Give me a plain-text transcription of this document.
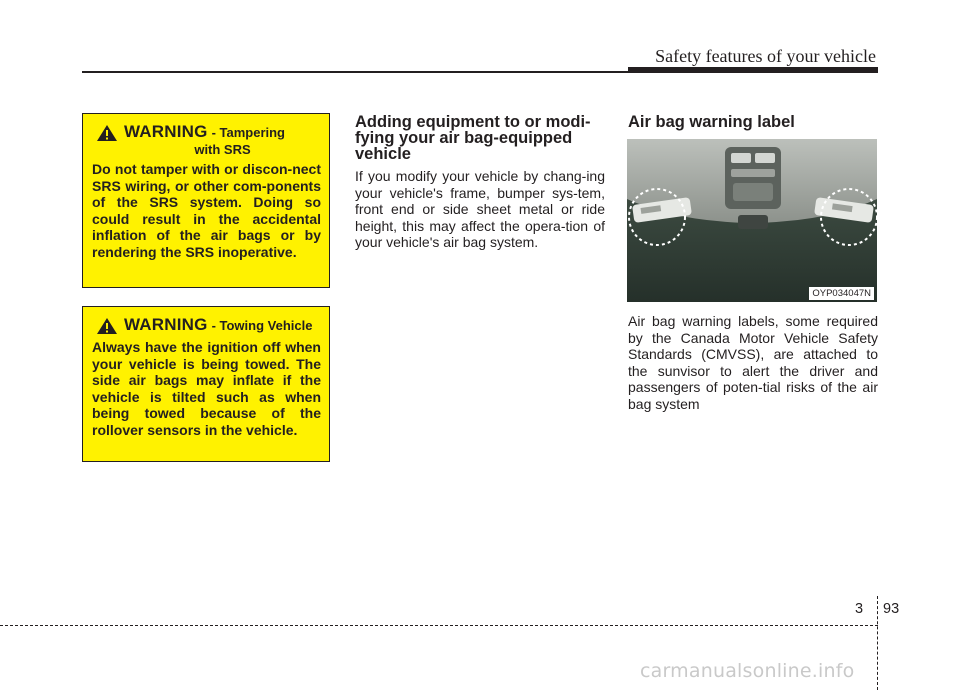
Safety features of your vehicle
WARNING - Tampering
with SRS
Do not tamper with or discon-nect SRS wiring, or other com-ponents of the SRS system. Doing so could result in the accidental inflation of the air bags or by rendering the SRS inoperative.
WARNING - Towing Vehicle
Always have the ignition off when your vehicle is being towed. The side air bags may inflate if the vehicle is tilted such as when being towed because of the rollover sensors in the vehicle.
Adding equipment to or modi-fying your air bag-equipped vehicle
If you modify your vehicle by chang-ing your vehicle's frame, bumper sys-tem, front end or side sheet metal or ride height, this may affect the opera-tion of your vehicle's air bag system.
Air bag warning label
OYP034047N
Air bag warning labels, some required by the Canada Motor Vehicle Safety Standards (CMVSS), are attached to the sunvisor to alert the driver and passengers of poten-tial risks of the air bag system
3 93
carmanualsonline.info
